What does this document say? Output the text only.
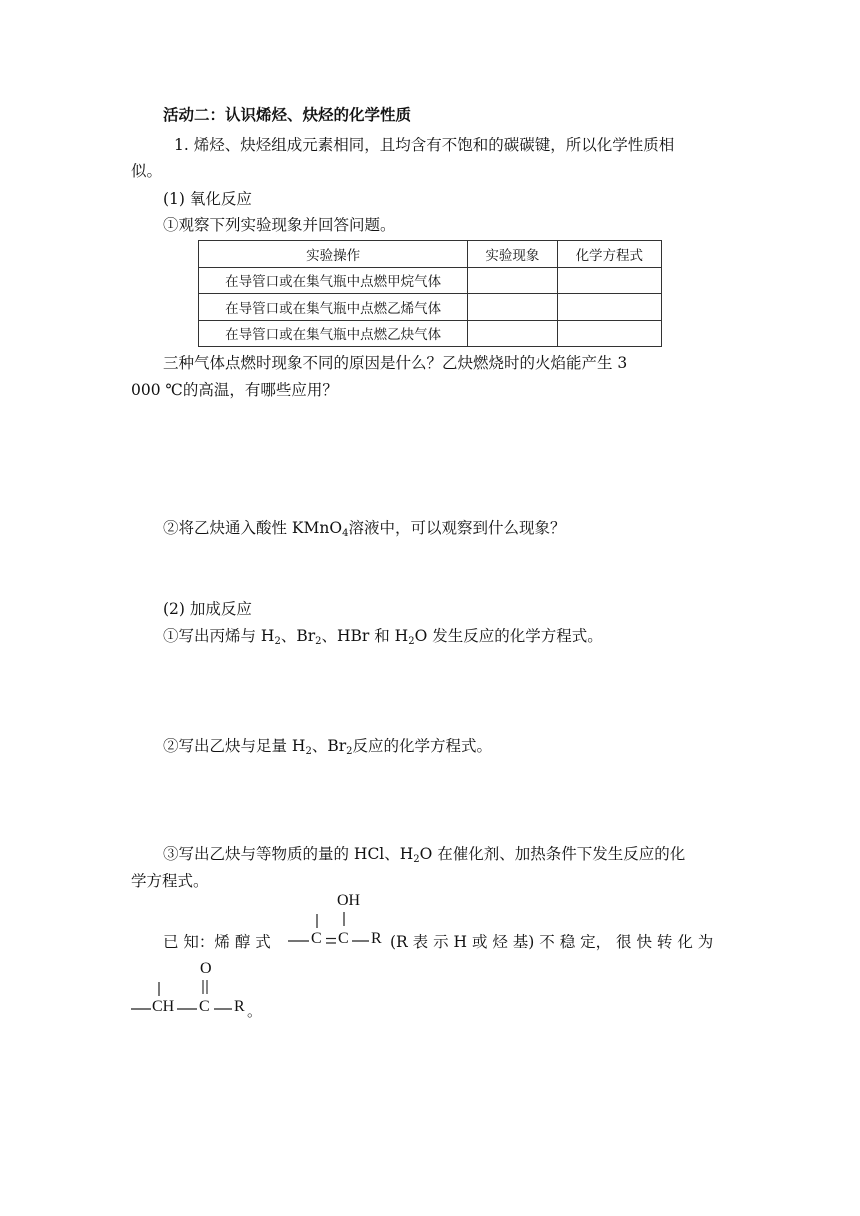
活动二：认识烯烃、炔烃的化学性质
1. 烯烃、炔烃组成元素相同，且均含有不饱和的碳碳键，所以化学性质相
似。
(1) 氧化反应
①观察下列实验现象并回答问题。
实验操作	实验现象	化学方程式
在导管口或在集气瓶中点燃甲烷气体		
在导管口或在集气瓶中点燃乙烯气体		
在导管口或在集气瓶中点燃乙炔气体		
三种气体点燃时现象不同的原因是什么？乙炔燃烧时的火焰能产生 3
000 ℃的高温，有哪些应用？
②将乙炔通入酸性 KMnO$_4$溶液中，可以观察到什么现象？
(2) 加成反应
①写出丙烯与 $H_2$、$Br_2$、HBr 和 $H_2O$ 发生反应的化学方程式。
②写出乙炔与足量 $H_2$、$Br_2$反应的化学方程式。
③写出乙炔与等物质的量的 HCl、$H_2O$ 在催化剂、加热条件下发生反应的化
学方程式。
已 知：烯 醇 式
OH
C C R (R 表 示 H 或 烃 基) 不 稳 定， 很 快 转 化 为
O
CH C R 。
